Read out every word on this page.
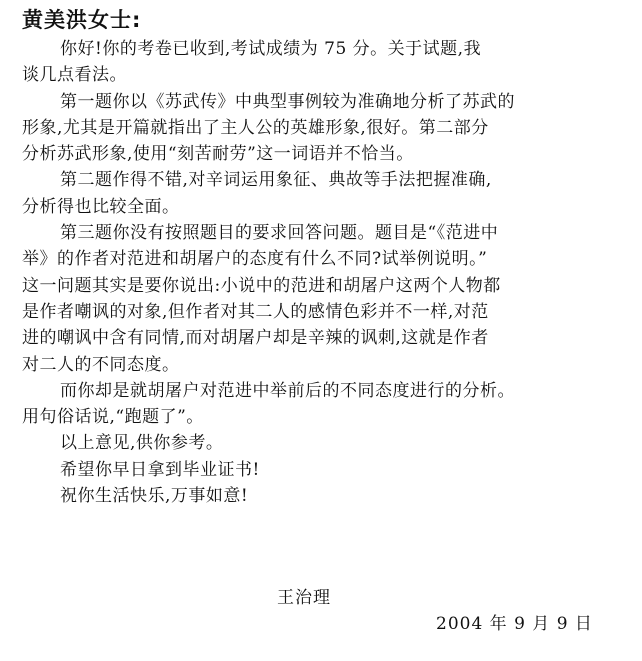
黄美洪女士:
你好!你的考卷已收到,考试成绩为 75 分。关于试题,我
谈几点看法。
第一题你以《苏武传》中典型事例较为准确地分析了苏武的
形象,尤其是开篇就指出了主人公的英雄形象,很好。第二部分
分析苏武形象,使用“刻苦耐劳”这一词语并不恰当。
第二题作得不错,对辛词运用象征、典故等手法把握准确,
分析得也比较全面。
第三题你没有按照题目的要求回答问题。题目是“《范进中
举》的作者对范进和胡屠户的态度有什么不同?试举例说明。”
这一问题其实是要你说出:小说中的范进和胡屠户这两个人物都
是作者嘲讽的对象,但作者对其二人的感情色彩并不一样,对范
进的嘲讽中含有同情,而对胡屠户却是辛辣的讽刺,这就是作者
对二人的不同态度。
而你却是就胡屠户对范进中举前后的不同态度进行的分析。
用句俗话说,“跑题了”。
以上意见,供你参考。
希望你早日拿到毕业证书!
祝你生活快乐,万事如意!
王治理
2004 年 9 月 9 日
